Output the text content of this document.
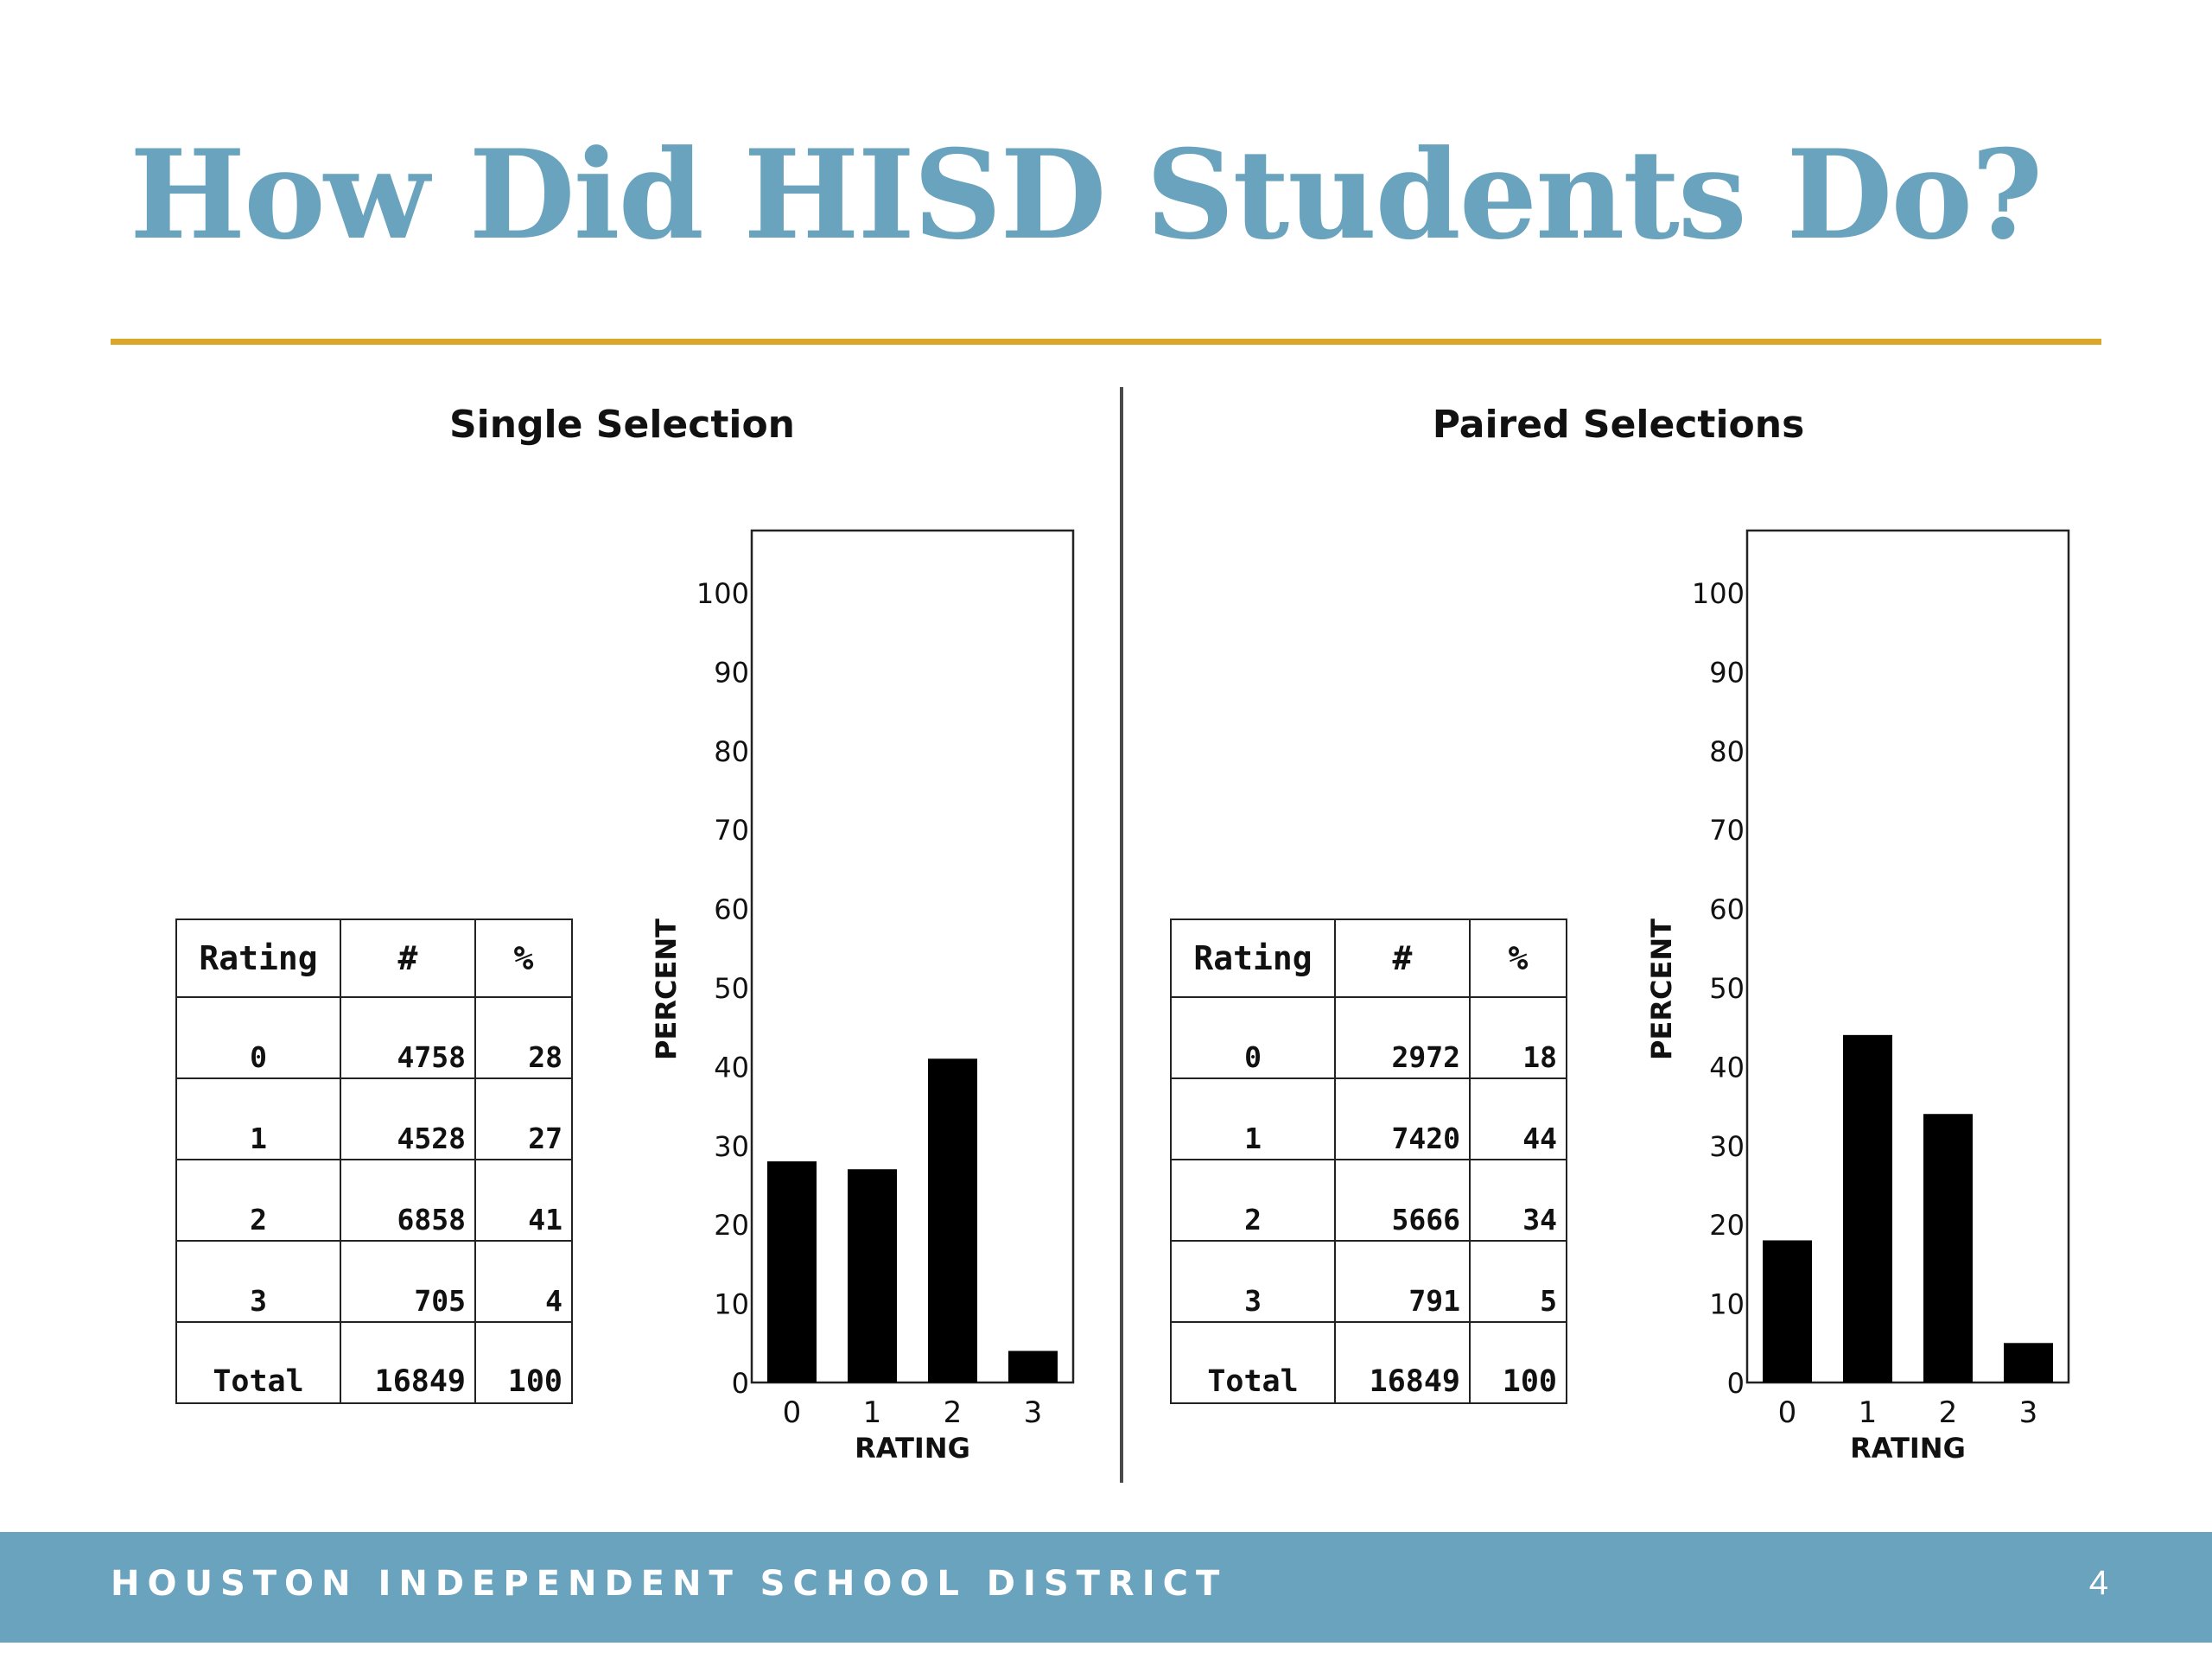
How Did HISD Students Do?
Single Selection
Rating	#	%
0	4758	28
1	4528	27
2	6858	41
3	705	4
Total	16849	100	0
10
20
30
40
50
60
70
80
90
100
0 1 2 3
RATING
PERCENT
Paired Selections
Rating	#	%
0	2972	18
1	7420	44
2	5666	34
3	791	5
Total	16849	100	0
10
20
30
40
50
60
70
80
90
100
0 1 2 3
RATING
PERCENT
HOUSTON INDEPENDENT SCHOOL DISTRICT	4
